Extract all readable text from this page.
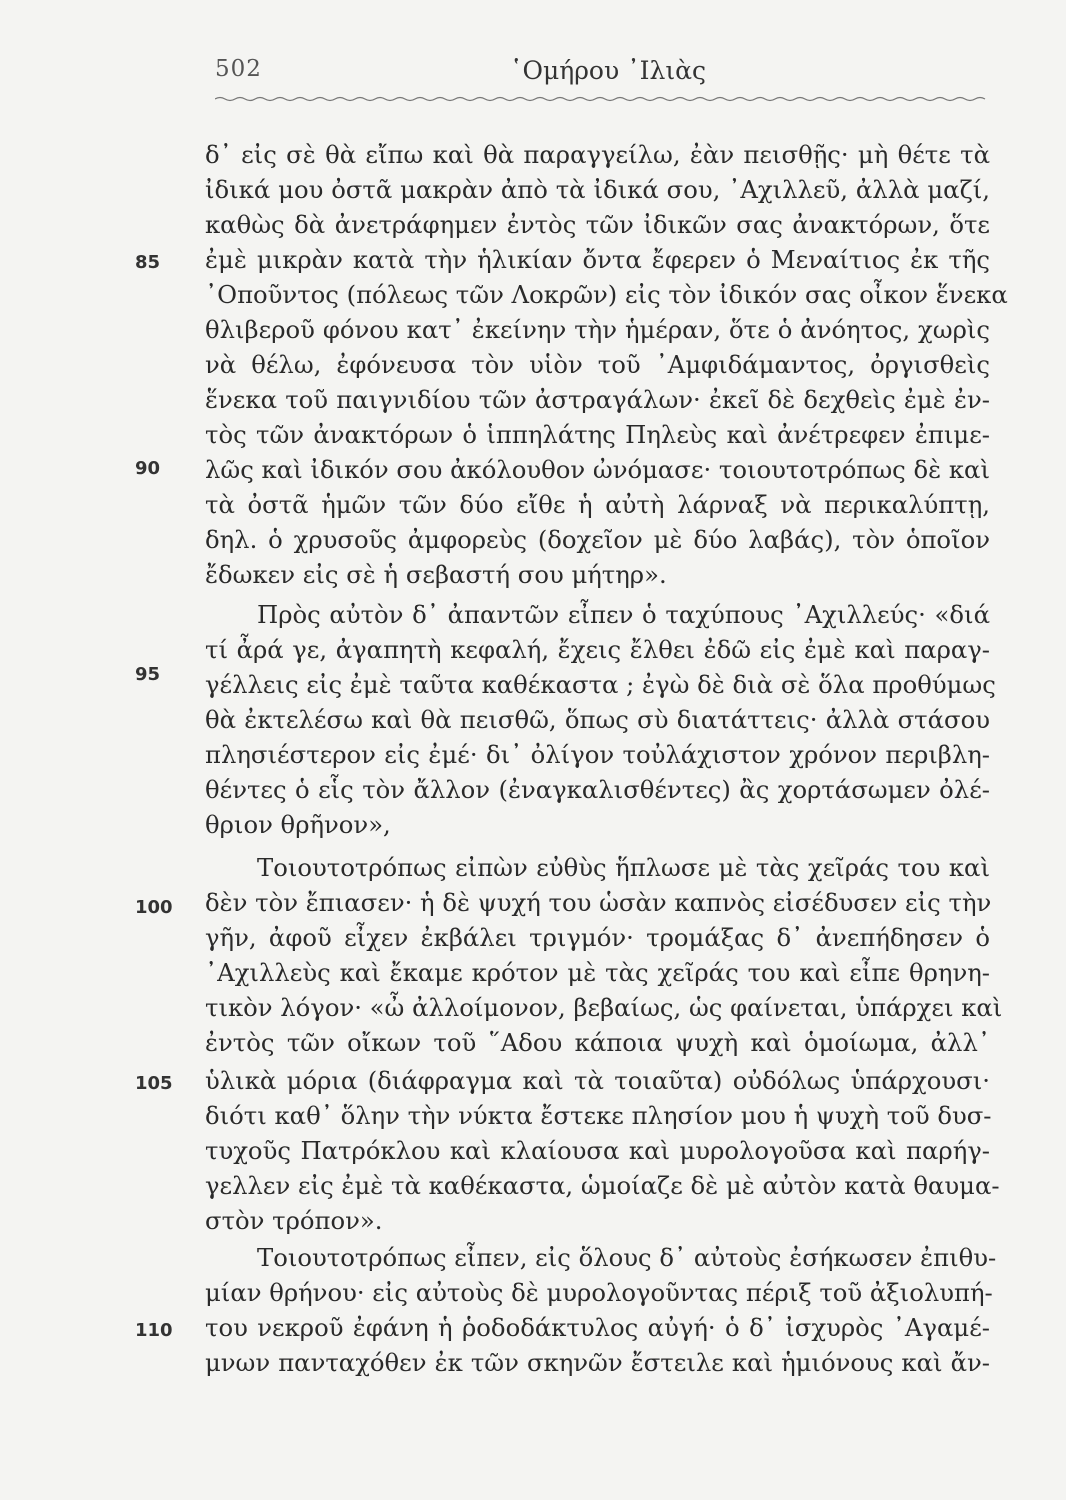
502	῾Ομήρου ᾿Ιλιὰς
δ᾽ εἰς σὲ θὰ εἴπω καὶ θὰ παραγγείλω, ἐὰν πεισθῇς· μὴ θέτε τὰ
ἰδικά μου ὀστᾶ μακρὰν ἀπὸ τὰ ἰδικά σου, ᾿Αχιλλεῦ, ἀλλὰ μαζί,
καθὼς δὰ ἀνετράφημεν ἐντὸς τῶν ἰδικῶν σας ἀνακτόρων, ὅτε
ἐμὲ μικρὰν κατὰ τὴν ἡλικίαν ὄντα ἔφερεν ὁ Μεναίτιος ἐκ τῆς
᾿Οποῦντος (πόλεως τῶν Λοκρῶν) εἰς τὸν ἰδικόν σας οἶκον ἕνεκα
θλιβεροῦ φόνου κατ᾽ ἐκείνην τὴν ἡμέραν, ὅτε ὁ ἀνόητος, χωρὶς
νὰ θέλω, ἐφόνευσα τὸν υἱὸν τοῦ ᾿Αμφιδάμαντος, ὀργισθεὶς
ἕνεκα τοῦ παιγνιδίου τῶν ἀστραγάλων· ἐκεῖ δὲ δεχθεὶς ἐμὲ ἐν-
τὸς τῶν ἀνακτόρων ὁ ἱππηλάτης Πηλεὺς καὶ ἀνέτρεφεν ἐπιμε-
λῶς καὶ ἰδικόν σου ἀκόλουθον ὠνόμασε· τοιουτοτρόπως δὲ καὶ
τὰ ὀστᾶ ἡμῶν τῶν δύο εἴθε ἡ αὐτὴ λάρναξ νὰ περικαλύπτῃ,
δηλ. ὁ χρυσοῦς ἀμφορεὺς (δοχεῖον μὲ δύο λαβάς), τὸν ὁποῖον
ἔδωκεν εἰς σὲ ἡ σεβαστή σου μήτηρ».
Πρὸς αὐτὸν δ᾽ ἀπαντῶν εἶπεν ὁ ταχύπους ᾿Αχιλλεύς· «διά
τί ἆρά γε, ἀγαπητὴ κεφαλή, ἔχεις ἔλθει ἐδῶ εἰς ἐμὲ καὶ παραγ-
γέλλεις εἰς ἐμὲ ταῦτα καθέκαστα ; ἐγὼ δὲ διὰ σὲ ὅλα προθύμως
θὰ ἐκτελέσω καὶ θὰ πεισθῶ, ὅπως σὺ διατάττεις· ἀλλὰ στάσου
πλησιέστερον εἰς ἐμέ· δι᾽ ὀλίγον τοὐλάχιστον χρόνον περιβλη-
θέντες ὁ εἷς τὸν ἄλλον (ἐναγκαλισθέντες) ἂς χορτάσωμεν ὀλέ-
θριον θρῆνον»,
Τοιουτοτρόπως εἰπὼν εὐθὺς ἥπλωσε μὲ τὰς χεῖράς του καὶ
δὲν τὸν ἔπιασεν· ἡ δὲ ψυχή του ὡσὰν καπνὸς εἰσέδυσεν εἰς τὴν
γῆν, ἀφοῦ εἶχεν ἐκβάλει τριγμόν· τρομάξας δ᾽ ἀνεπήδησεν ὁ
᾿Αχιλλεὺς καὶ ἔκαμε κρότον μὲ τὰς χεῖράς του καὶ εἶπε θρηνη-
τικὸν λόγον· «ὦ ἀλλοίμονον, βεβαίως, ὡς φαίνεται, ὑπάρχει καὶ
ἐντὸς τῶν οἴκων τοῦ ῞Αδου κάποια ψυχὴ καὶ ὁμοίωμα, ἀλλ᾽
ὑλικὰ μόρια (διάφραγμα καὶ τὰ τοιαῦτα) οὐδόλως ὑπάρχουσι·
διότι καθ᾽ ὅλην τὴν νύκτα ἔστεκε πλησίον μου ἡ ψυχὴ τοῦ δυσ-
τυχοῦς Πατρόκλου καὶ κλαίουσα καὶ μυρολογοῦσα καὶ παρήγ-
γελλεν εἰς ἐμὲ τὰ καθέκαστα, ὡμοίαζε δὲ μὲ αὐτὸν κατὰ θαυμα-
στὸν τρόπον».
Τοιουτοτρόπως εἶπεν, εἰς ὅλους δ᾽ αὐτοὺς ἐσήκωσεν ἐπιθυ-
μίαν θρήνου· εἰς αὐτοὺς δὲ μυρολογοῦντας πέριξ τοῦ ἀξιολυπή-
του νεκροῦ ἐφάνη ἡ ῥοδοδάκτυλος αὐγή· ὁ δ᾽ ἰσχυρὸς ᾿Αγαμέ-
μνων πανταχόθεν ἐκ τῶν σκηνῶν ἔστειλε καὶ ἡμιόνους καὶ ἄν-
85
90
95
100
105
110
